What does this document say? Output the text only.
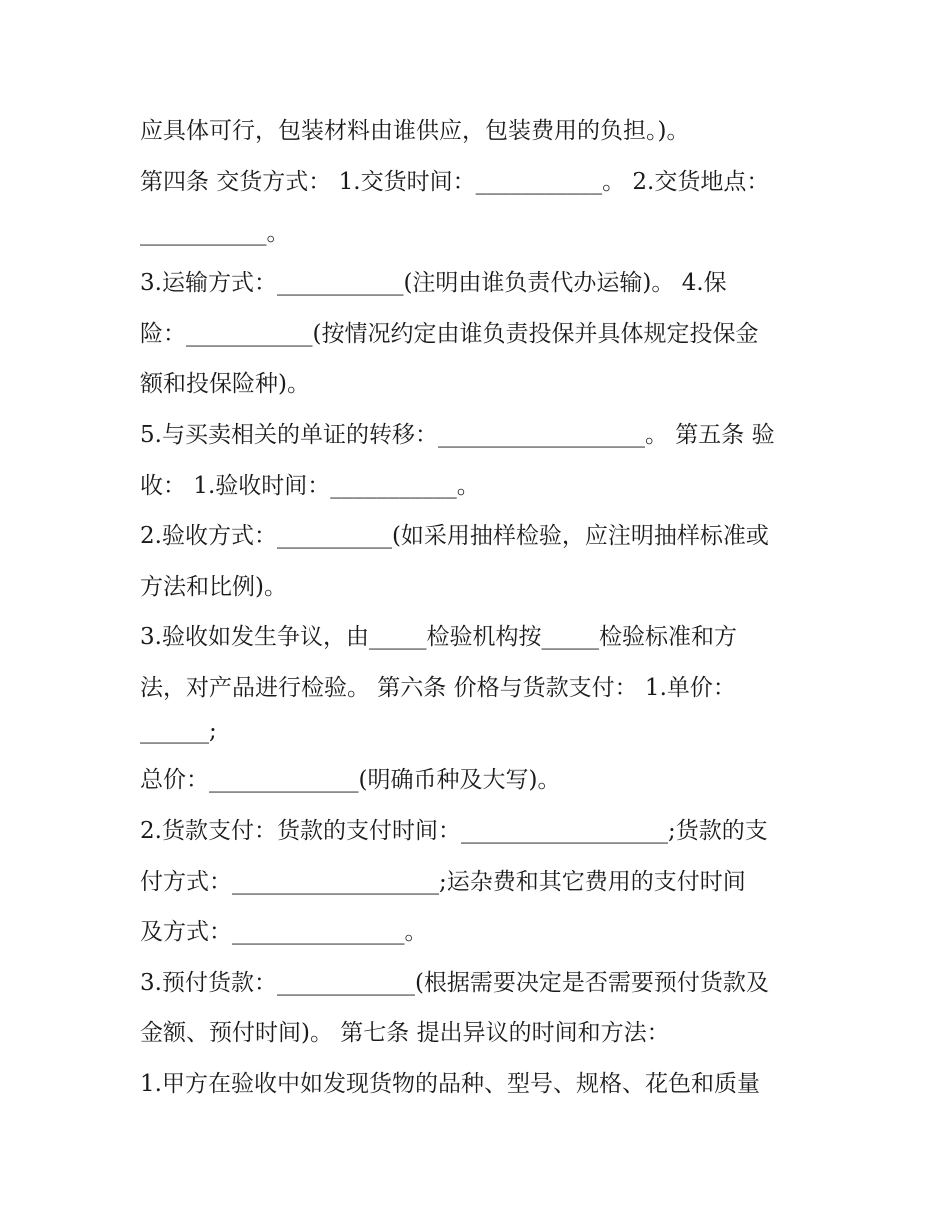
应具体可行，包装材料由谁供应，包装费用的负担。)。
第四条 交货方式： 1.交货时间：___________。 2.交货地点：
___________。
3.运输方式：___________(注明由谁负责代办运输)。 4.保
险：___________(按情况约定由谁负责投保并具体规定投保金
额和投保险种)。
5.与买卖相关的单证的转移：__________________。 第五条 验
收： 1.验收时间：___________。
2.验收方式：__________(如采用抽样检验，应注明抽样标准或
方法和比例)。
3.验收如发生争议，由_____检验机构按_____检验标准和方
法，对产品进行检验。 第六条 价格与货款支付： 1.单价：
______;
总价：_____________(明确币种及大写)。
2.货款支付：货款的支付时间：__________________;货款的支
付方式：__________________;运杂费和其它费用的支付时间
及方式：_______________。
3.预付货款：____________(根据需要决定是否需要预付货款及
金额、预付时间)。 第七条 提出异议的时间和方法：
1.甲方在验收中如发现货物的品种、型号、规格、花色和质量
